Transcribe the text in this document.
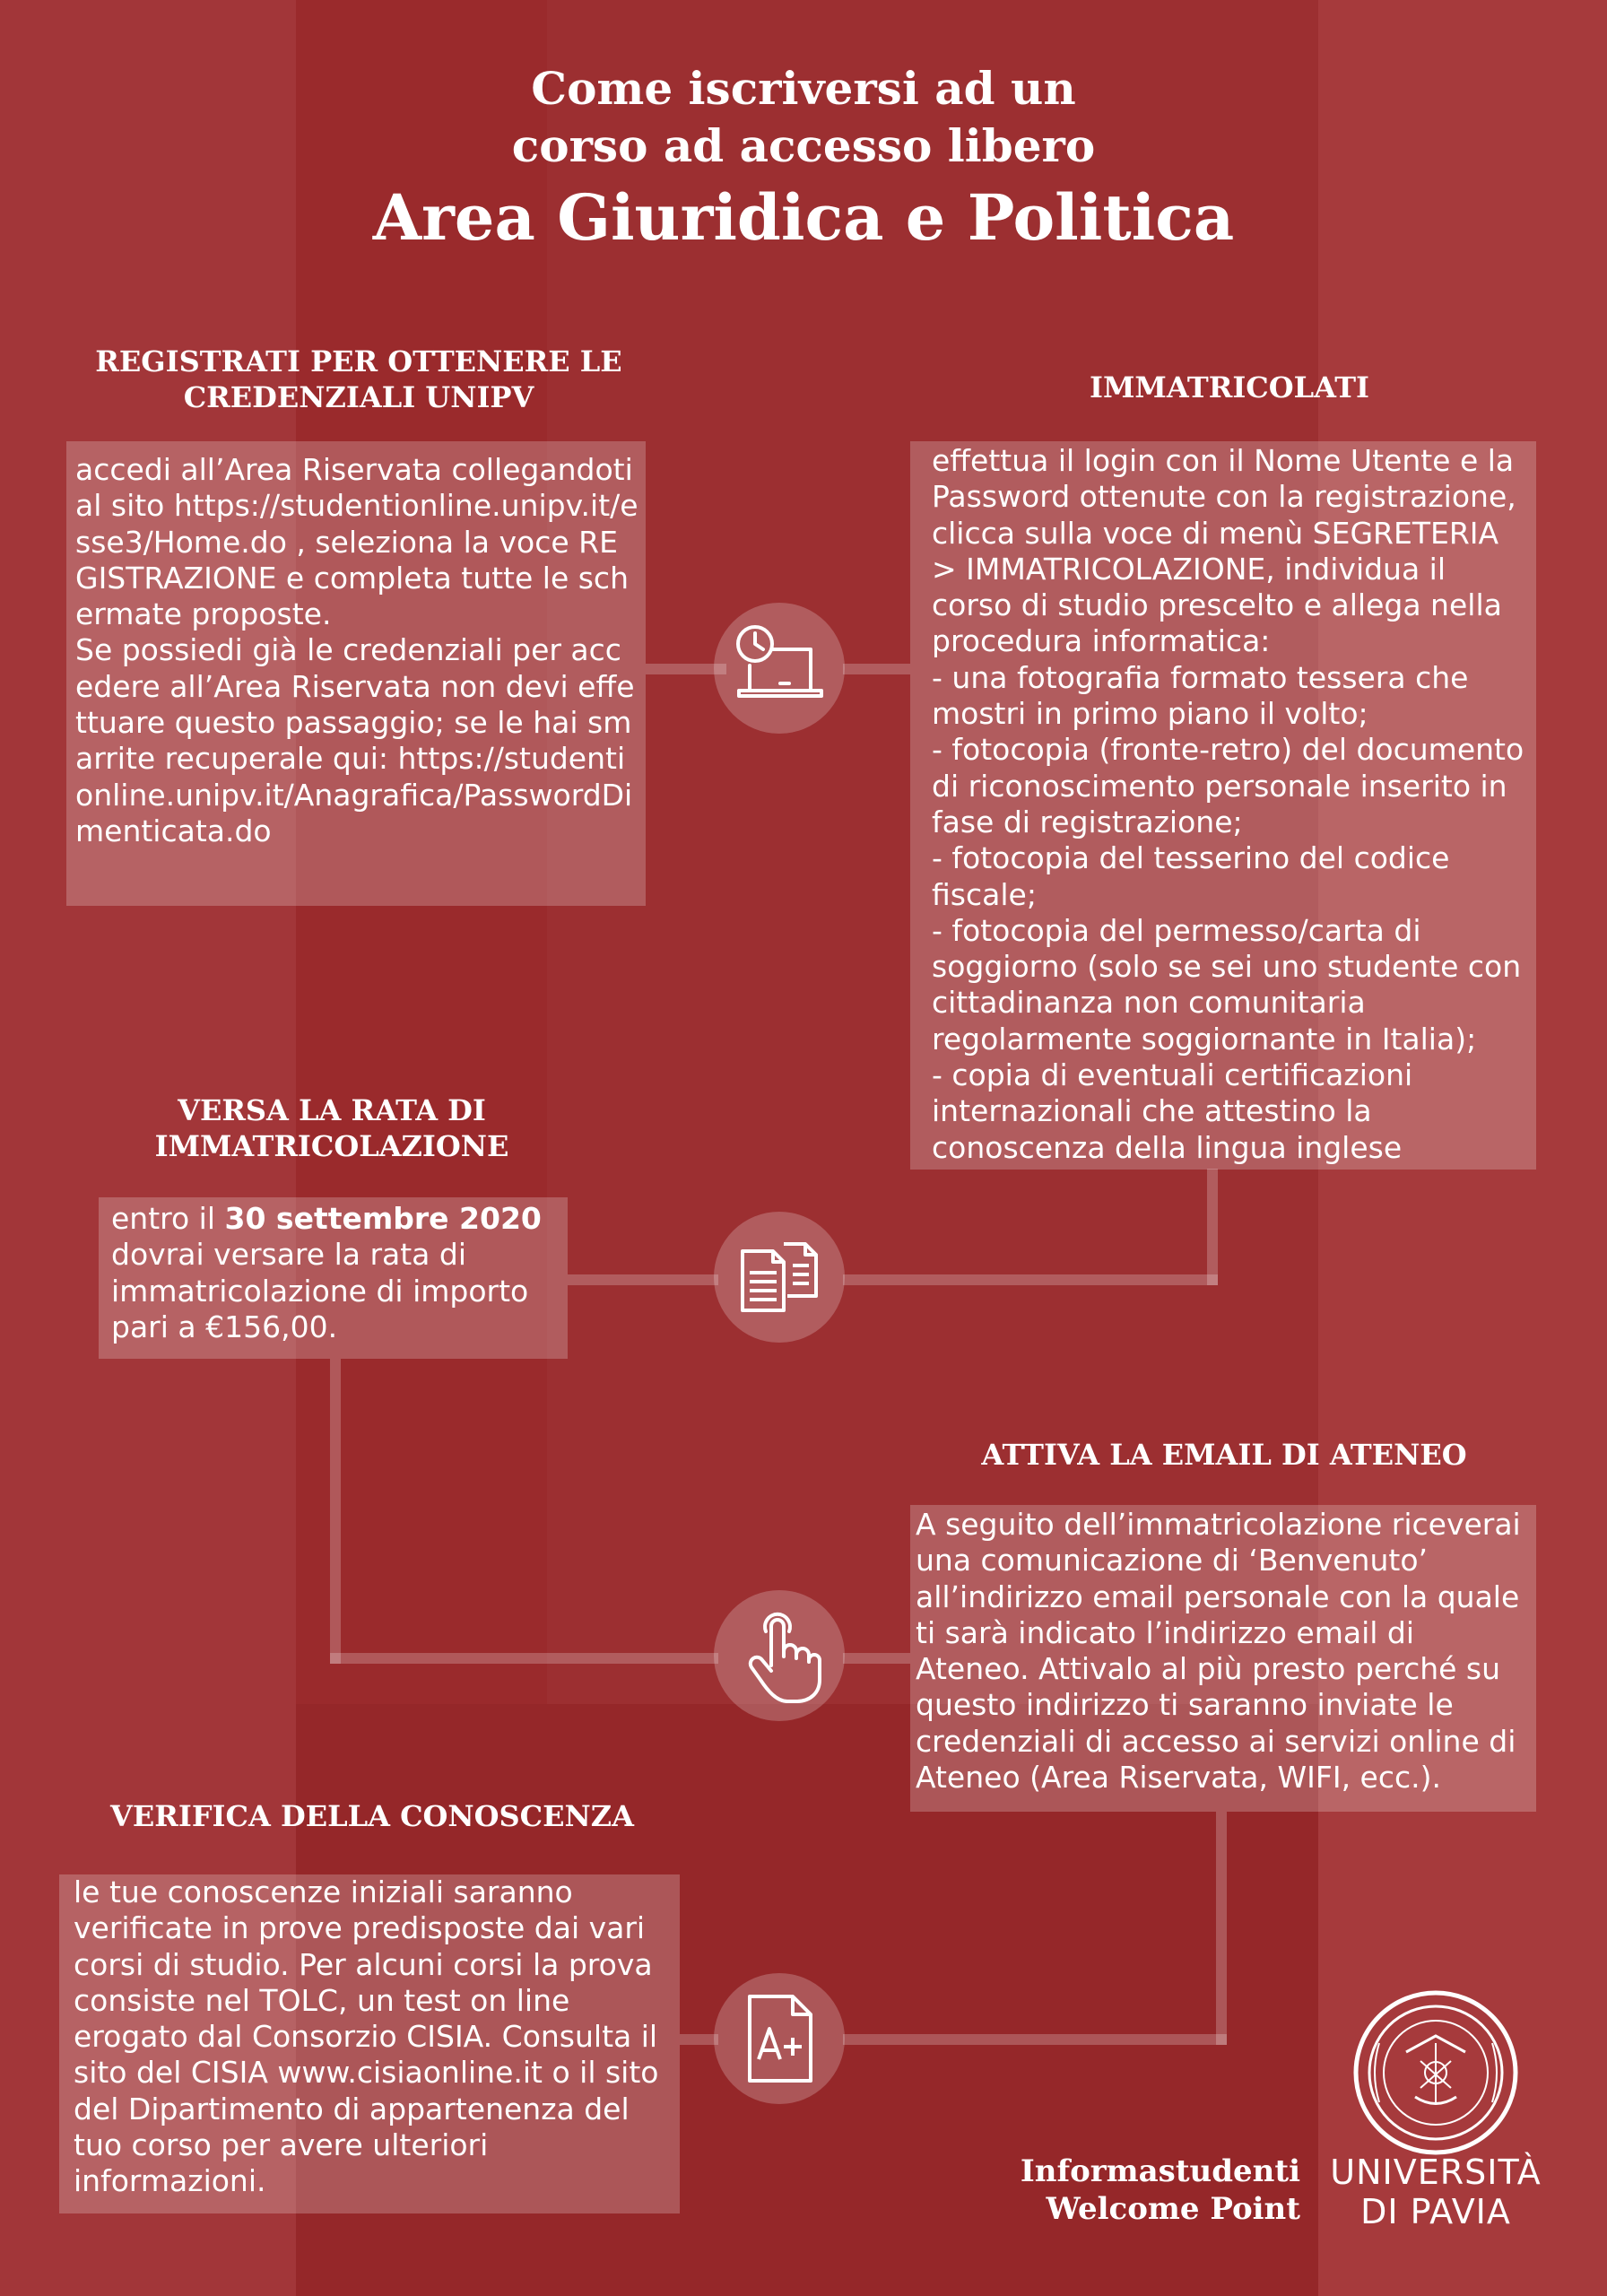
Come iscriversi ad un
corso ad accesso libero
Area Giuridica e Politica
REGISTRATI PER OTTENERE LE
CREDENZIALI UNIPV

accedi all’Area Riservata collegandoti al sito https://studentionline.unipv.it/esse3/Home.do , seleziona la voce REGISTRAZIONE e completa tutte le schermate proposte.

Se possiedi già le credenziali per accedere all’Area Riservata non devi effettuare questo passaggio; se le hai smarrite recuperale qui: https://studentionline.unipv.it/Anagrafica/PasswordDimenticata.do

IMMATRICOLATI

effettua il login con il Nome Utente e la Password ottenute con la registrazione, clicca sulla voce di menù SEGRETERIA > IMMATRICOLAZIONE, individua il corso di studio prescelto e allega nella procedura informatica:

- una fotografia formato tessera che mostri in primo piano il volto;

- fotocopia (fronte-retro) del documento di riconoscimento personale inserito in fase di registrazione;

- fotocopia del tesserino del codice fiscale;

- fotocopia del permesso/carta di soggiorno (solo se sei uno studente con cittadinanza non comunitaria regolarmente soggiornante in Italia);

- copia di eventuali certificazioni internazionali che attestino la conoscenza della lingua inglese

VERSA LA RATA DI
IMMATRICOLAZIONE

entro il 30 settembre 2020 dovrai versare la rata di immatricolazione di importo pari a €156,00.

ATTIVA LA EMAIL DI ATENEO

A seguito dell’immatricolazione riceverai una comunicazione di ‘Benvenuto’ all’indirizzo email personale con la quale ti sarà indicato l’indirizzo email di Ateneo. Attivalo al più presto perché su questo indirizzo ti saranno inviate le credenziali di accesso ai servizi online di Ateneo (Area Riservata, WIFI, ecc.).

VERIFICA DELLA CONOSCENZA

le tue conoscenze iniziali saranno verificate in prove predisposte dai vari corsi di studio. Per alcuni corsi la prova consiste nel TOLC, un test on line erogato dal Consorzio CISIA. Consulta il sito del CISIA www.cisiaonline.it o il sito del Dipartimento di appartenenza del tuo corso per avere ulteriori informazioni.	Informastudenti
Welcome Point
UNIVERSITÀ
DI PAVIA
